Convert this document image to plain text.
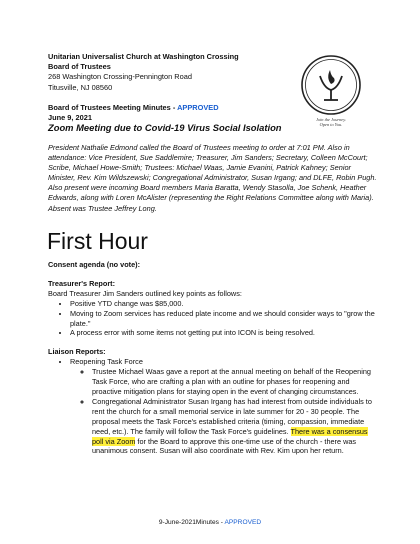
Unitarian Universalist Church at Washington Crossing
Board of Trustees
268 Washington Crossing-Pennington Road
Titusville, NJ 08560
Join the Journey.
Open to You.
Board of Trustees Meeting Minutes - APPROVED
June 9, 2021
Zoom Meeting due to Covid-19 Virus Social Isolation

President Nathalie Edmond called the Board of Trustees meeting to order at 7:01 PM. Also in attendance: Vice President, Sue Saddlemire; Treasurer, Jim Sanders; Secretary, Colleen McCourt; Scribe, Michael Howe-Smith; Trustees: Michael Waas, Jamie Evanini, Patrick Kahney; Senior Minister, Rev. Kim Wildszewski; Congregational Administrator, Susan Irgang; and DLFE, Robin Pugh. Also present were incoming Board members Maria Baratta, Wendy Stasolla, Joe Schenk, Heather Edwards, along with Loren McAlister (representing the Right Relations Committee along with Maria). Absent was Trustee Jeffrey Long.

First Hour

Consent agenda (no vote):

Treasurer's Report:

Board Treasurer Jim Sanders outlined key points as follows:

• Positive YTD change was $85,000.
• Moving to Zoom services has reduced plate income and we should consider ways to "grow the plate."
• A process error with some items not getting put into ICON is being resolved.

Liaison Reports:

• Reopening Task Force
◦ Trustee Michael Waas gave a report at the annual meeting on behalf of the Reopening Task Force, who are crafting a plan with an outline for phases for reopening and proactive mitigation plans for staying open in the event of changing circumstances.
◦ Congregational Administrator Susan Irgang has had interest from outside individuals to rent the church for a small memorial service in late summer for 20 - 30 people. The proposal meets the Task Force's established criteria (timing, compassion, immediate need, etc.). The family will follow the Task Force's guidelines. There was a consensus poll via Zoom for the Board to approve this one-time use of the church - there was unanimous consent. Susan will also coordinate with Rev. Kim upon her return.
9-June-2021Minutes - APPROVED
